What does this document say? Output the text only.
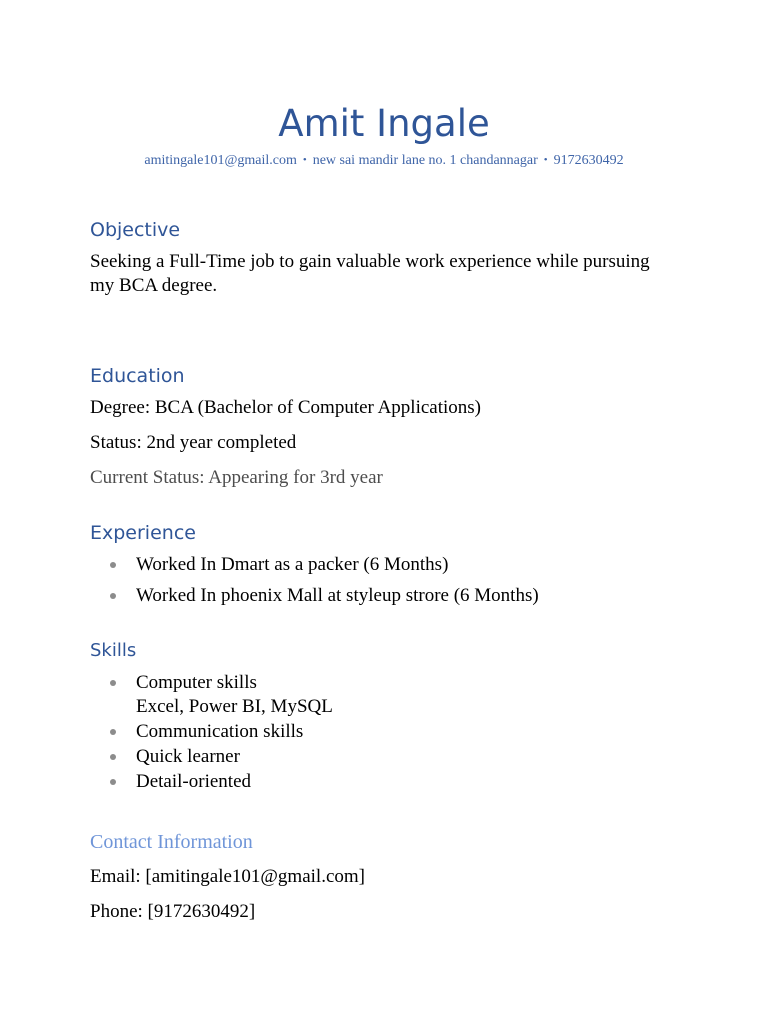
Amit Ingale
amitingale101@gmail.com • new sai mandir lane no. 1 chandannagar • 9172630492
Objective
Seeking a Full-Time job to gain valuable work experience while pursuing my BCA degree.
Education
Degree: BCA (Bachelor of Computer Applications)
Status: 2nd year completed
Current Status: Appearing for 3rd year
Experience
Worked In Dmart as a packer (6 Months)
Worked In phoenix Mall at styleup strore (6 Months)
Skills
Computer skills
Excel, Power BI, MySQL
Communication skills
Quick learner
Detail-oriented
Contact Information
Email: [amitingale101@gmail.com]
Phone: [9172630492]
